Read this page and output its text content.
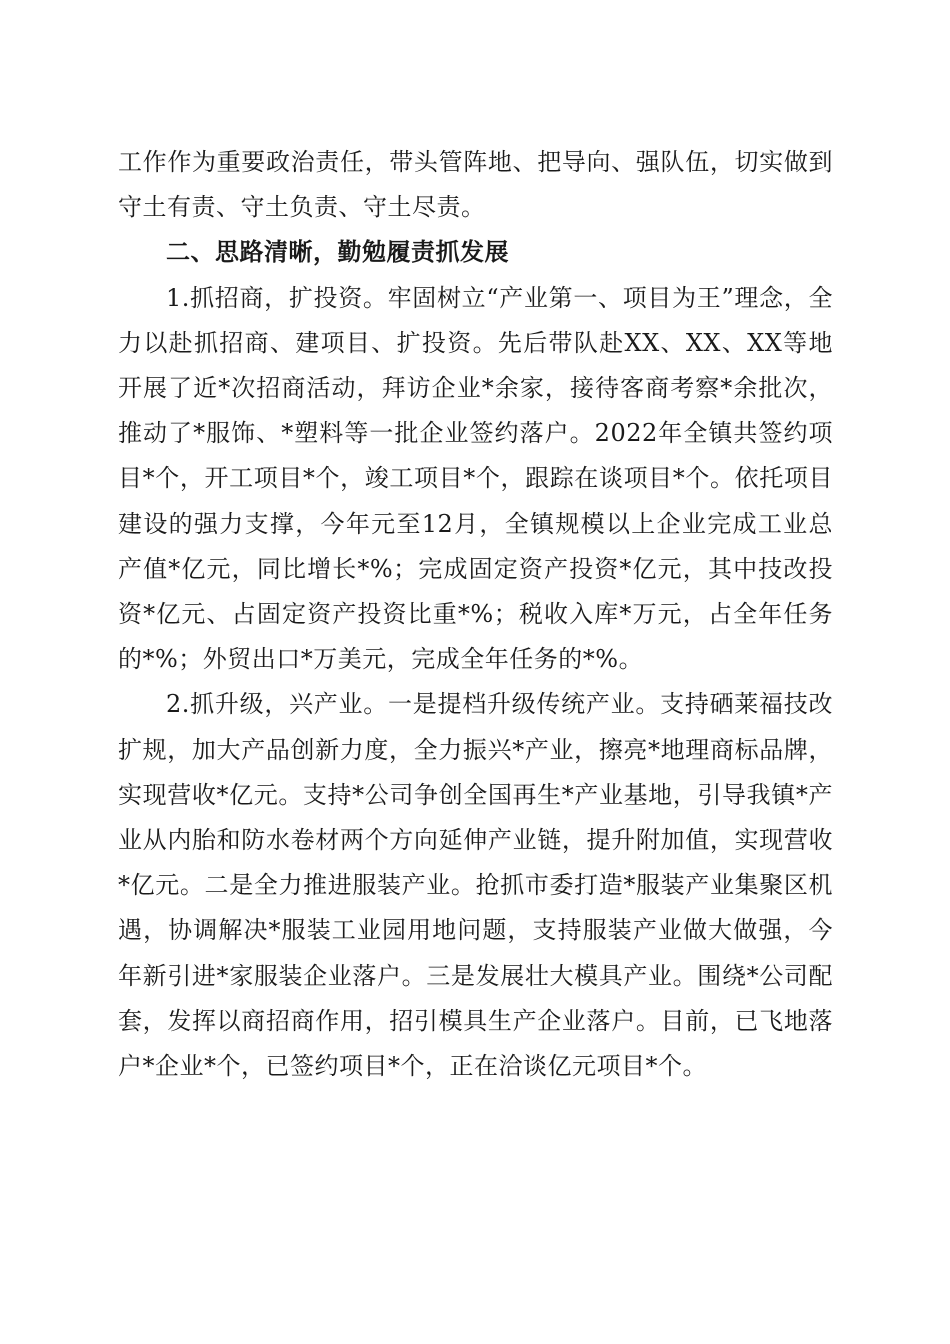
工作作为重要政治责任，带头管阵地、把导向、强队伍，切实做到守土有责、守土负责、守土尽责。

二、思路清晰，勤勉履责抓发展

1.抓招商，扩投资。牢固树立“产业第一、项目为王”理念，全力以赴抓招商、建项目、扩投资。先后带队赴XX、XX、XX等地开展了近*次招商活动，拜访企业*余家，接待客商考察*余批次，推动了*服饰、*塑料等一批企业签约落户。2022年全镇共签约项目*个，开工项目*个，竣工项目*个，跟踪在谈项目*个。依托项目建设的强力支撑，今年元至12月，全镇规模以上企业完成工业总产值*亿元，同比增长*%；完成固定资产投资*亿元，其中技改投资*亿元、占固定资产投资比重*%；税收入库*万元，占全年任务的*%；外贸出口*万美元，完成全年任务的*%。

2.抓升级，兴产业。一是提档升级传统产业。支持硒莱福技改扩规，加大产品创新力度，全力振兴*产业，擦亮*地理商标品牌，实现营收*亿元。支持*公司争创全国再生*产业基地，引导我镇*产业从内胎和防水卷材两个方向延伸产业链，提升附加值，实现营收*亿元。二是全力推进服装产业。抢抓市委打造*服装产业集聚区机遇，协调解决*服装工业园用地问题，支持服装产业做大做强，今年新引进*家服装企业落户。三是发展壮大模具产业。围绕*公司配套，发挥以商招商作用，招引模具生产企业落户。目前，已飞地落户*企业*个，已签约项目*个，正在洽谈亿元项目*个。
